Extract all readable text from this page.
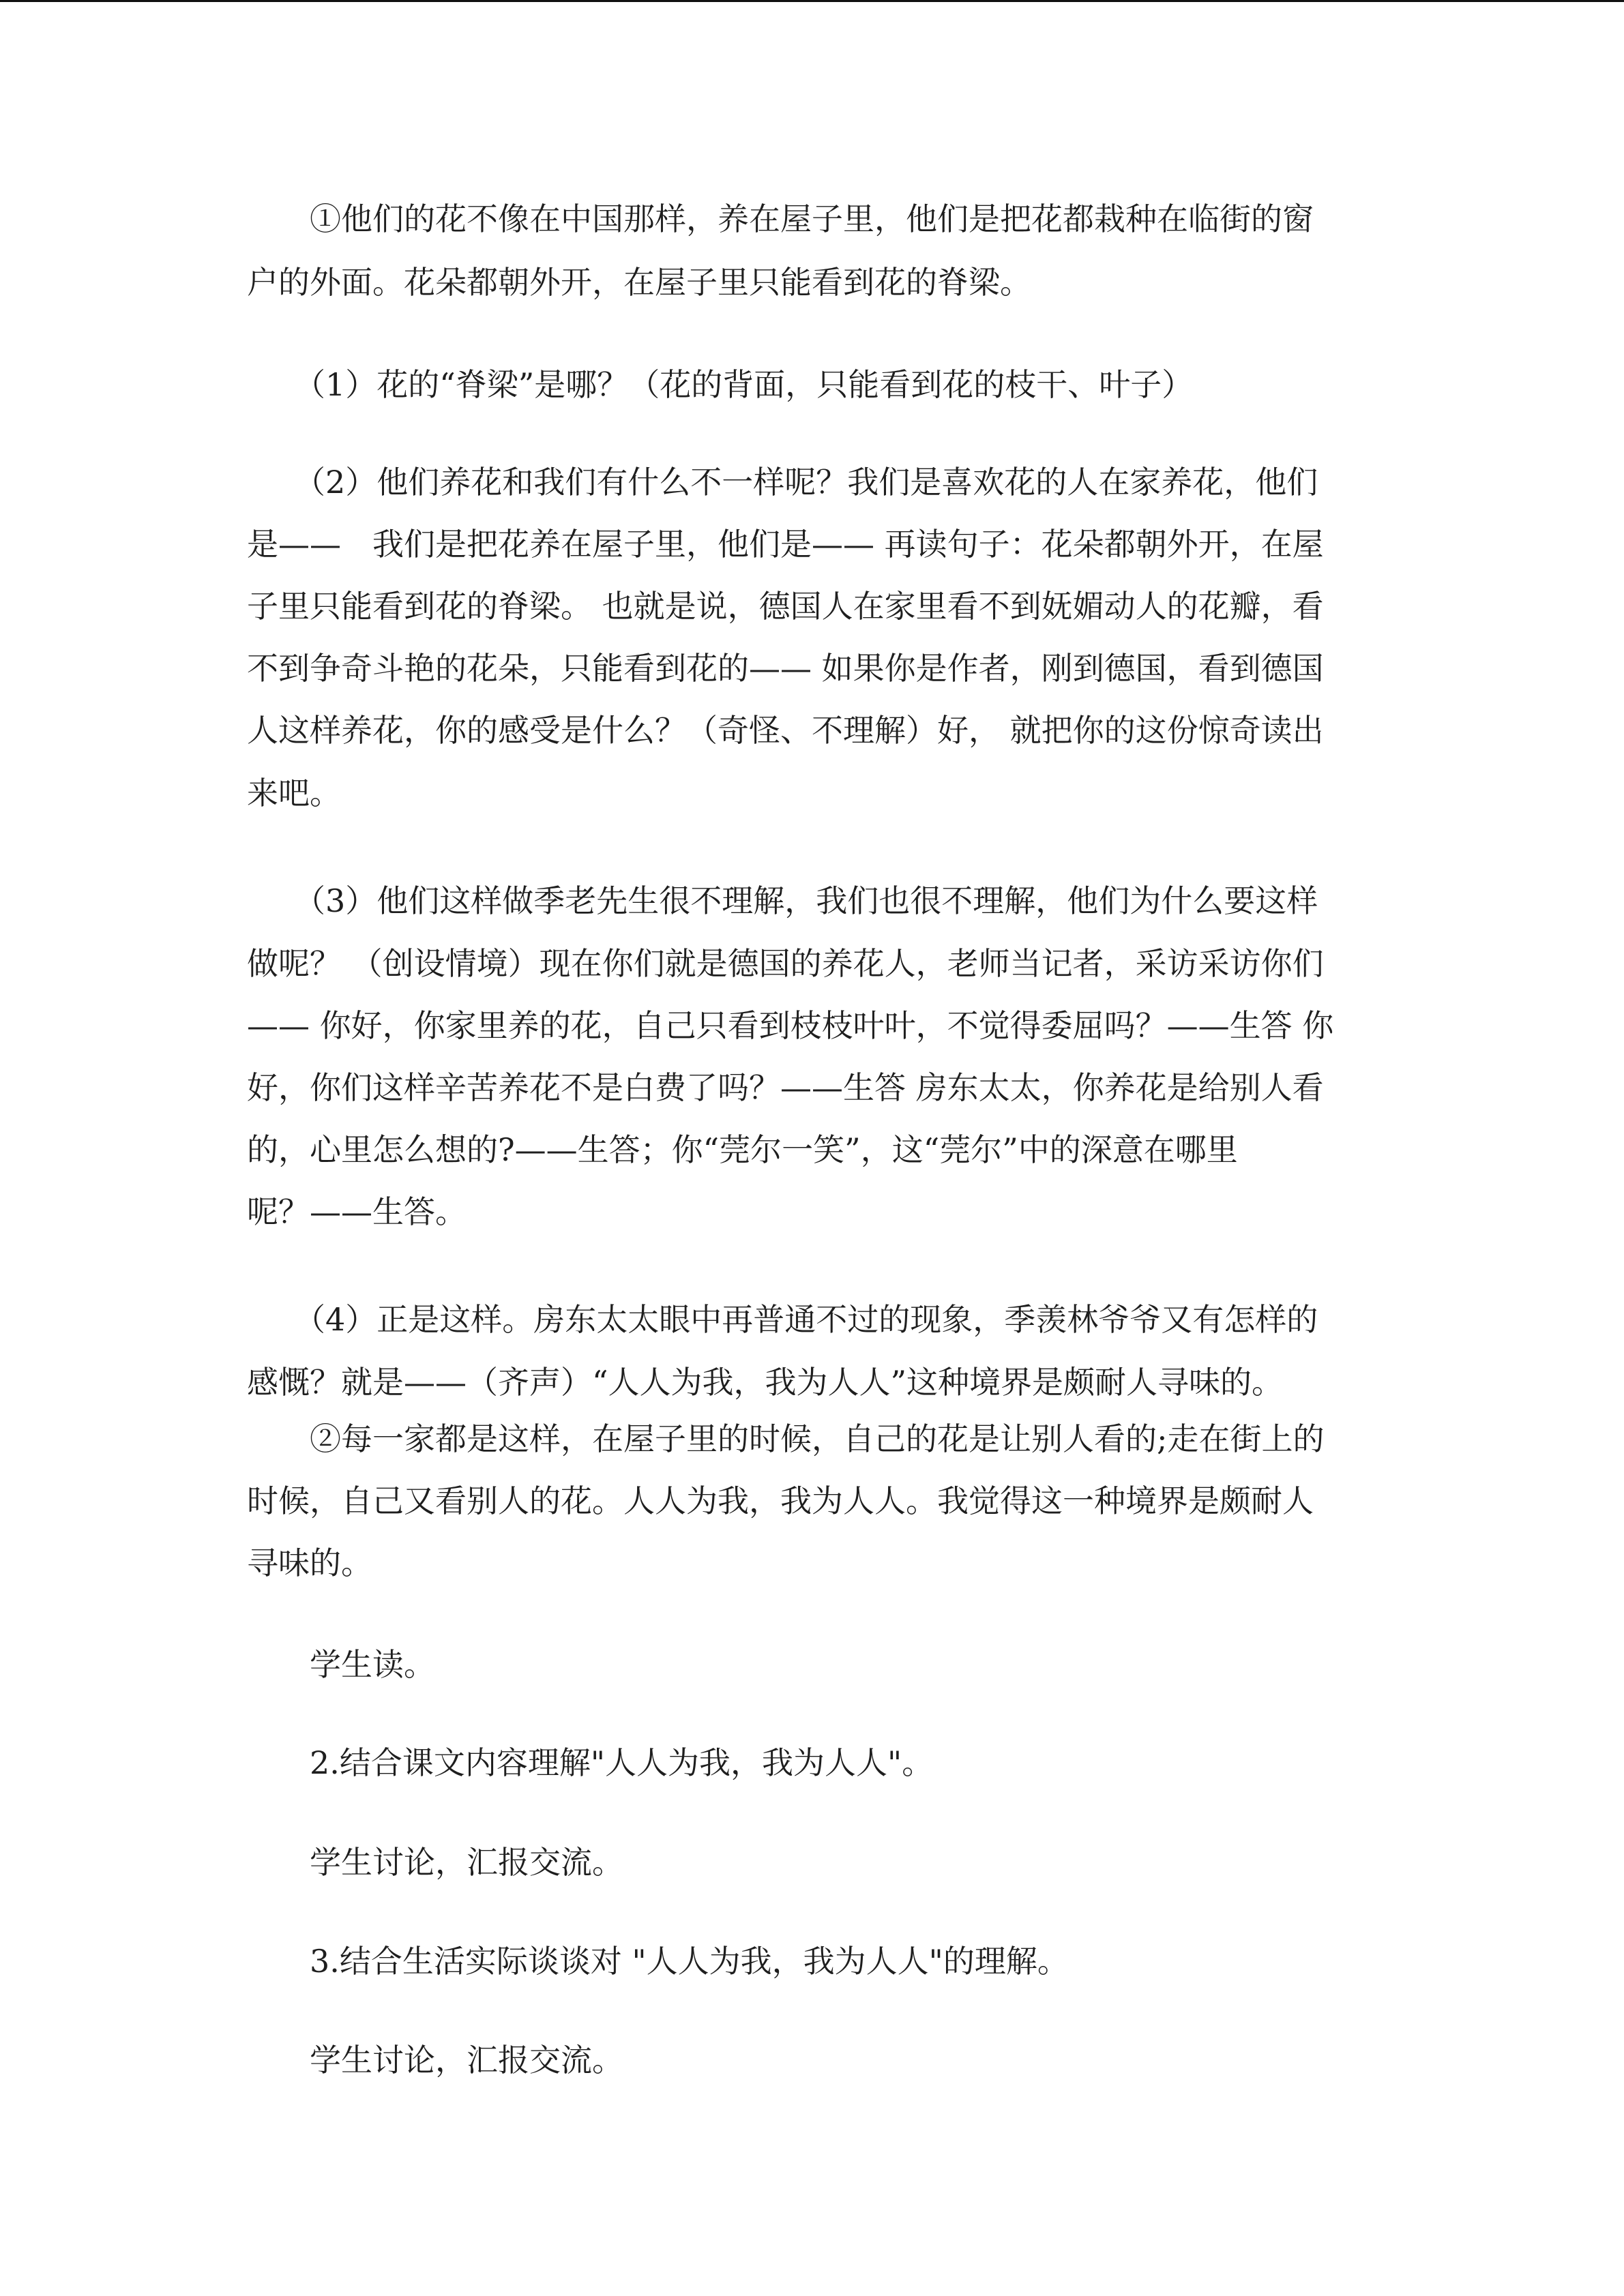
　　①他们的花不像在中国那样，养在屋子里，他们是把花都栽种在临街的窗
户的外面。花朵都朝外开，在屋子里只能看到花的脊梁。
　　（1）花的“脊梁”是哪？（花的背面，只能看到花的枝干、叶子）
　　（2）他们养花和我们有什么不一样呢？我们是喜欢花的人在家养花，他们
是——　我们是把花养在屋子里，他们是—— 再读句子：花朵都朝外开，在屋
子里只能看到花的脊梁。 也就是说，德国人在家里看不到妩媚动人的花瓣，看
不到争奇斗艳的花朵，只能看到花的—— 如果你是作者，刚到德国，看到德国
人这样养花，你的感受是什么？（奇怪、不理解）好， 就把你的这份惊奇读出
来吧。
　　（3）他们这样做季老先生很不理解，我们也很不理解，他们为什么要这样
做呢？ （创设情境）现在你们就是德国的养花人，老师当记者，采访采访你们
—— 你好，你家里养的花，自己只看到枝枝叶叶，不觉得委屈吗？——生答 你
好，你们这样辛苦养花不是白费了吗？——生答 房东太太，你养花是给别人看
的，心里怎么想的?——生答；你“莞尔一笑”，这“莞尔”中的深意在哪里
呢？——生答。
　　（4）正是这样。房东太太眼中再普通不过的现象，季羡林爷爷又有怎样的
感慨？就是——（齐声）“人人为我，我为人人”这种境界是颇耐人寻味的。
　　②每一家都是这样，在屋子里的时候，自己的花是让别人看的;走在街上的
时候，自己又看别人的花。人人为我，我为人人。我觉得这一种境界是颇耐人
寻味的。
　　学生读。
　　2.结合课文内容理解"人人为我，我为人人"。
　　学生讨论，汇报交流。
　　3.结合生活实际谈谈对 "人人为我，我为人人"的理解。
　　学生讨论，汇报交流。
